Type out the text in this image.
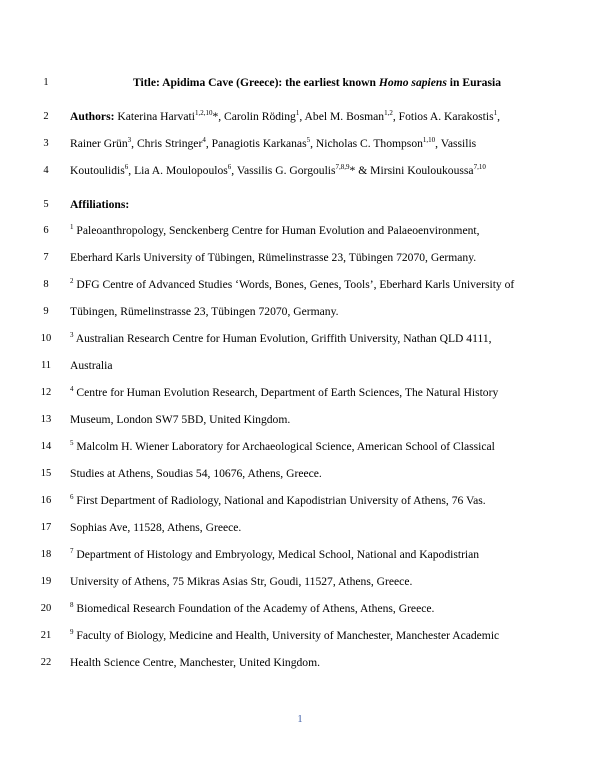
1	Title: Apidima Cave (Greece): the earliest known Homo sapiens in Eurasia
2	Authors: Katerina Harvati$^{1,2,10}$*, Carolin Röding$^1$, Abel M. Bosman$^{1,2}$, Fotios A. Karakostis$^1$,
3	Rainer Grün$^3$, Chris Stringer$^4$, Panagiotis Karkanas$^5$, Nicholas C. Thompson$^{1,10}$, Vassilis
4	Koutoulidis$^6$, Lia A. Moulopoulos$^6$, Vassilis G. Gorgoulis$^{7,8,9}$* & Mirsini Kouloukoussa$^{7,10}$
5	Affiliations:
6	$^1$ Paleoanthropology, Senckenberg Centre for Human Evolution and Palaeoenvironment,
7	Eberhard Karls University of Tübingen, Rümelinstrasse 23, Tübingen 72070, Germany.
8	$^2$ DFG Centre of Advanced Studies ‘Words, Bones, Genes, Tools’, Eberhard Karls University of
9	Tübingen, Rümelinstrasse 23, Tübingen 72070, Germany.
10	$^3$ Australian Research Centre for Human Evolution, Griffith University, Nathan QLD 4111,
11	Australia
12	$^4$ Centre for Human Evolution Research, Department of Earth Sciences, The Natural History
13	Museum, London SW7 5BD, United Kingdom.
14	$^5$ Malcolm H. Wiener Laboratory for Archaeological Science, American School of Classical
15	Studies at Athens, Soudias 54, 10676, Athens, Greece.
16	$^6$ First Department of Radiology, National and Kapodistrian University of Athens, 76 Vas.
17	Sophias Ave, 11528, Athens, Greece.
18	$^7$ Department of Histology and Embryology, Medical School, National and Kapodistrian
19	University of Athens, 75 Mikras Asias Str, Goudi, 11527, Athens, Greece.
20	$^8$ Biomedical Research Foundation of the Academy of Athens, Athens, Greece.
21	$^9$ Faculty of Biology, Medicine and Health, University of Manchester, Manchester Academic
22	Health Science Centre, Manchester, United Kingdom.
1
